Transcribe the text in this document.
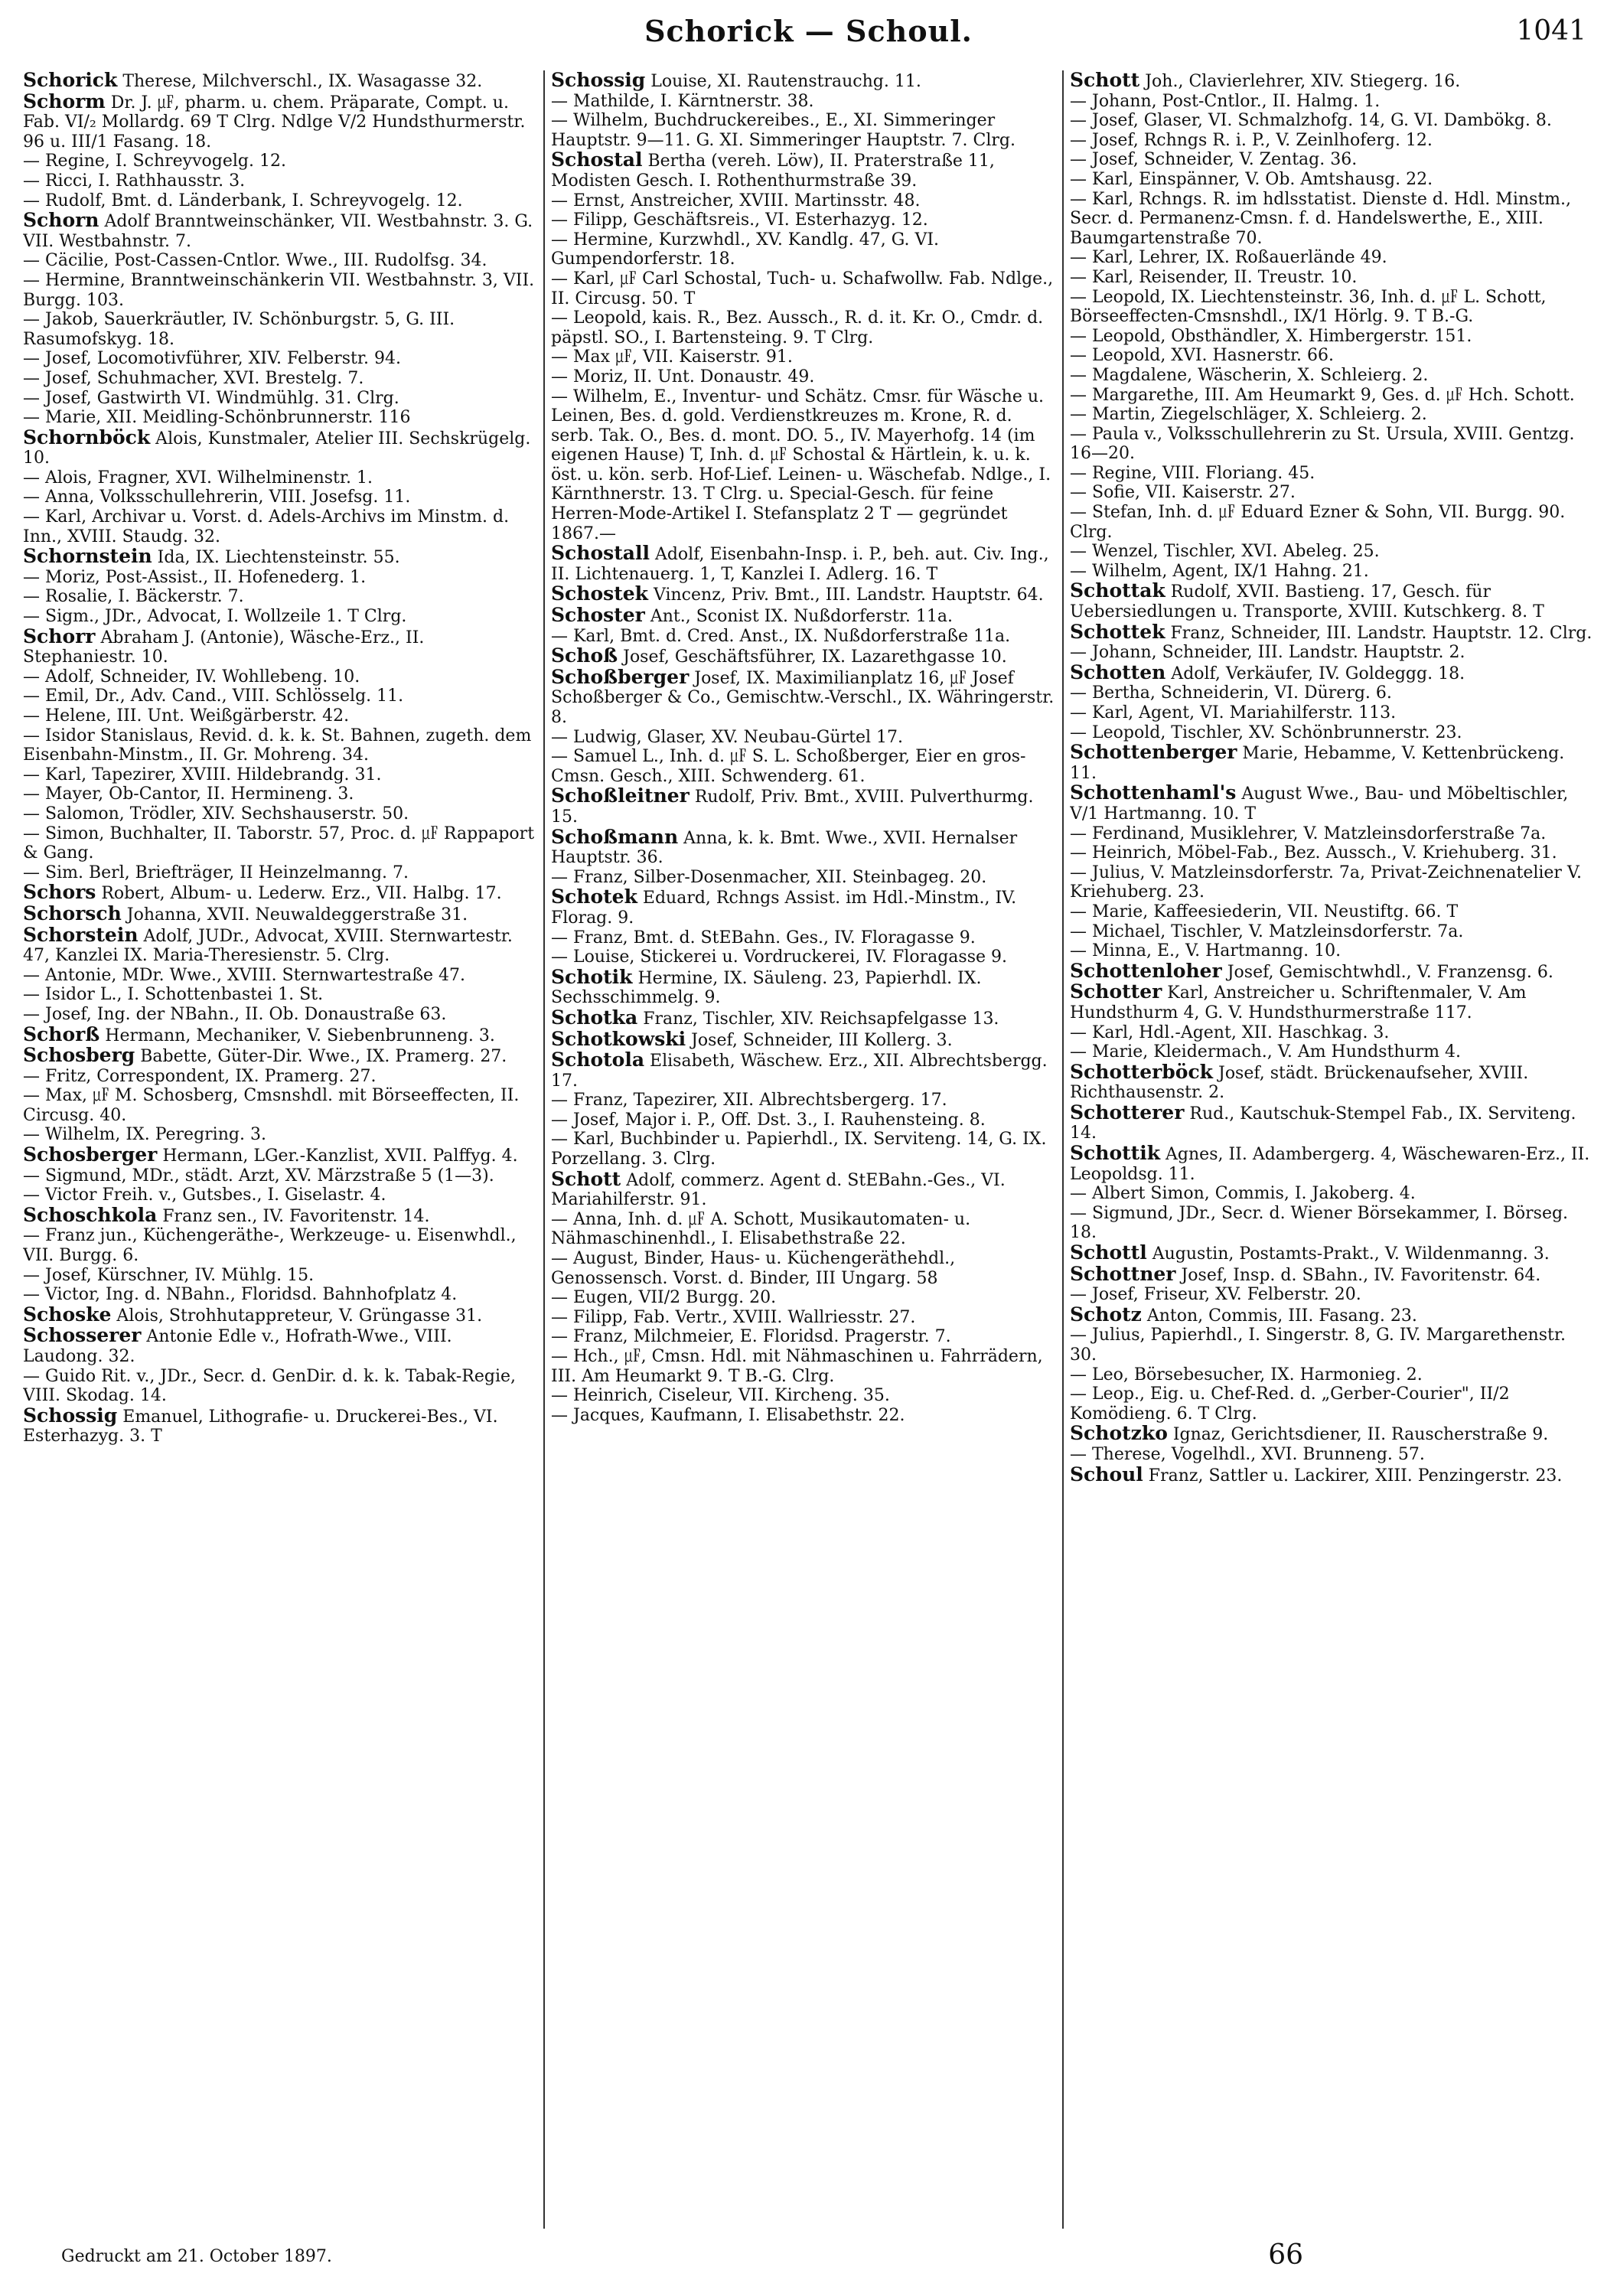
Schorick — Schoul.	1041
Schorick Therese, Milchverschl., IX. Wasagasse 32.
Schorm Dr. J. ㎌, pharm. u. chem. Präparate, Compt. u. Fab. VI/₂ Mollardg. 69 T Clrg. Ndlge V/2 Hundsthurmerstr. 96 u. III/1 Fasang. 18.
— Regine, I. Schreyvogelg. 12.
— Ricci, I. Rathhausstr. 3.
— Rudolf, Bmt. d. Länderbank, I. Schreyvogelg. 12.
Schorn Adolf Branntweinschänker, VII. Westbahnstr. 3. G. VII. Westbahnstr. 7.
— Cäcilie, Post-Cassen-Cntlor. Wwe., III. Rudolfsg. 34.
— Hermine, Branntweinschänkerin VII. Westbahnstr. 3, VII. Burgg. 103.
— Jakob, Sauerkräutler, IV. Schönburgstr. 5, G. III. Rasumofskyg. 18.
— Josef, Locomotivführer, XIV. Felberstr. 94.
— Josef, Schuhmacher, XVI. Brestelg. 7.
— Josef, Gastwirth VI. Windmühlg. 31. Clrg.
— Marie, XII. Meidling-Schönbrunnerstr. 116
Schornböck Alois, Kunstmaler, Atelier III. Sechskrügelg. 10.
— Alois, Fragner, XVI. Wilhelminenstr. 1.
— Anna, Volksschullehrerin, VIII. Josefsg. 11.
— Karl, Archivar u. Vorst. d. Adels-Archivs im Minstm. d. Inn., XVIII. Staudg. 32.
Schornstein Ida, IX. Liechtensteinstr. 55.
— Moriz, Post-Assist., II. Hofenederg. 1.
— Rosalie, I. Bäckerstr. 7.
— Sigm., JDr., Advocat, I. Wollzeile 1. T Clrg.
Schorr Abraham J. (Antonie), Wäsche-Erz., II. Stephaniestr. 10.
— Adolf, Schneider, IV. Wohllebeng. 10.
— Emil, Dr., Adv. Cand., VIII. Schlösselg. 11.
— Helene, III. Unt. Weißgärberstr. 42.
— Isidor Stanislaus, Revid. d. k. k. St. Bahnen, zugeth. dem Eisenbahn-Minstm., II. Gr. Mohreng. 34.
— Karl, Tapezirer, XVIII. Hildebrandg. 31.
— Mayer, Ob-Cantor, II. Hermineng. 3.
— Salomon, Trödler, XIV. Sechshauserstr. 50.
— Simon, Buchhalter, II. Taborstr. 57, Proc. d. ㎌ Rappaport & Gang.
— Sim. Berl, Briefträger, II Heinzelmanng. 7.
Schors Robert, Album- u. Lederw. Erz., VII. Halbg. 17.
Schorsch Johanna, XVII. Neuwaldeggerstraße 31.
Schorstein Adolf, JUDr., Advocat, XVIII. Sternwartestr. 47, Kanzlei IX. Maria-Theresienstr. 5. Clrg.
— Antonie, MDr. Wwe., XVIII. Sternwartestraße 47.
— Isidor L., I. Schottenbastei 1. St.
— Josef, Ing. der NBahn., II. Ob. Donaustraße 63.
Schorß Hermann, Mechaniker, V. Siebenbrunneng. 3.
Schosberg Babette, Güter-Dir. Wwe., IX. Pramerg. 27.
— Fritz, Correspondent, IX. Pramerg. 27.
— Max, ㎌ M. Schosberg, Cmsnshdl. mit Börseeffecten, II. Circusg. 40.
— Wilhelm, IX. Peregring. 3.
Schosberger Hermann, LGer.-Kanzlist, XVII. Palffyg. 4.
— Sigmund, MDr., städt. Arzt, XV. Märzstraße 5 (1—3).
— Victor Freih. v., Gutsbes., I. Giselastr. 4.
Schoschkola Franz sen., IV. Favoritenstr. 14.
— Franz jun., Küchengeräthe-, Werkzeuge- u. Eisenwhdl., VII. Burgg. 6.
— Josef, Kürschner, IV. Mühlg. 15.
— Victor, Ing. d. NBahn., Floridsd. Bahnhofplatz 4.
Schoske Alois, Strohhutappreteur, V. Grüngasse 31.
Schosserer Antonie Edle v., Hofrath-Wwe., VIII. Laudong. 32.
— Guido Rit. v., JDr., Secr. d. GenDir. d. k. k. Tabak-Regie, VIII. Skodag. 14.
Schossig Emanuel, Lithografie- u. Druckerei-Bes., VI. Esterhazyg. 3. T
Schossig Louise, XI. Rautenstrauchg. 11.
— Mathilde, I. Kärntnerstr. 38.
— Wilhelm, Buchdruckereibes., E., XI. Simmeringer Hauptstr. 9—11. G. XI. Simmeringer Hauptstr. 7. Clrg.
Schostal Bertha (vereh. Löw), II. Praterstraße 11, Modisten Gesch. I. Rothenthurmstraße 39.
— Ernst, Anstreicher, XVIII. Martinsstr. 48.
— Filipp, Geschäftsreis., VI. Esterhazyg. 12.
— Hermine, Kurzwhdl., XV. Kandlg. 47, G. VI. Gumpendorferstr. 18.
— Karl, ㎌ Carl Schostal, Tuch- u. Schafwollw. Fab. Ndlge., II. Circusg. 50. T
— Leopold, kais. R., Bez. Aussch., R. d. it. Kr. O., Cmdr. d. päpstl. SO., I. Bartensteing. 9. T Clrg.
— Max ㎌, VII. Kaiserstr. 91.
— Moriz, II. Unt. Donaustr. 49.
— Wilhelm, E., Inventur- und Schätz. Cmsr. für Wäsche u. Leinen, Bes. d. gold. Verdienstkreuzes m. Krone, R. d. serb. Tak. O., Bes. d. mont. DO. 5., IV. Mayerhofg. 14 (im eigenen Hause) T, Inh. d. ㎌ Schostal & Härtlein, k. u. k. öst. u. kön. serb. Hof-Lief. Leinen- u. Wäschefab. Ndlge., I. Kärnthnerstr. 13. T Clrg. u. Special-Gesch. für feine Herren-Mode-Artikel I. Stefansplatz 2 T — gegründet 1867.—
Schostall Adolf, Eisenbahn-Insp. i. P., beh. aut. Civ. Ing., II. Lichtenauerg. 1, T, Kanzlei I. Adlerg. 16. T
Schostek Vincenz, Priv. Bmt., III. Landstr. Hauptstr. 64.
Schoster Ant., Sconist IX. Nußdorferstr. 11a.
— Karl, Bmt. d. Cred. Anst., IX. Nußdorferstraße 11a.
Schoß Josef, Geschäftsführer, IX. Lazarethgasse 10.
Schoßberger Josef, IX. Maximilianplatz 16, ㎌ Josef Schoßberger & Co., Gemischtw.-Verschl., IX. Währingerstr. 8.
— Ludwig, Glaser, XV. Neubau-Gürtel 17.
— Samuel L., Inh. d. ㎌ S. L. Schoßberger, Eier en gros-Cmsn. Gesch., XIII. Schwenderg. 61.
Schoßleitner Rudolf, Priv. Bmt., XVIII. Pulverthurmg. 15.
Schoßmann Anna, k. k. Bmt. Wwe., XVII. Hernalser Hauptstr. 36.
— Franz, Silber-Dosenmacher, XII. Steinbageg. 20.
Schotek Eduard, Rchngs Assist. im Hdl.-Minstm., IV. Florag. 9.
— Franz, Bmt. d. StEBahn. Ges., IV. Floragasse 9.
— Louise, Stickerei u. Vordruckerei, IV. Floragasse 9.
Schotik Hermine, IX. Säuleng. 23, Papierhdl. IX. Sechsschimmelg. 9.
Schotka Franz, Tischler, XIV. Reichsapfelgasse 13.
Schotkowski Josef, Schneider, III Kollerg. 3.
Schotola Elisabeth, Wäschew. Erz., XII. Albrechtsbergg. 17.
— Franz, Tapezirer, XII. Albrechtsbergerg. 17.
— Josef, Major i. P., Off. Dst. 3., I. Rauhensteing. 8.
— Karl, Buchbinder u. Papierhdl., IX. Serviteng. 14, G. IX. Porzellang. 3. Clrg.
Schott Adolf, commerz. Agent d. StEBahn.-Ges., VI. Mariahilferstr. 91.
— Anna, Inh. d. ㎌ A. Schott, Musikautomaten- u. Nähmaschinenhdl., I. Elisabethstraße 22.
— August, Binder, Haus- u. Küchengeräthehdl., Genossensch. Vorst. d. Binder, III Ungarg. 58
— Eugen, VII/2 Burgg. 20.
— Filipp, Fab. Vertr., XVIII. Wallriesstr. 27.
— Franz, Milchmeier, E. Floridsd. Pragerstr. 7.
— Hch., ㎌, Cmsn. Hdl. mit Nähmaschinen u. Fahrrädern, III. Am Heumarkt 9. T B.-G. Clrg.
— Heinrich, Ciseleur, VII. Kircheng. 35.
— Jacques, Kaufmann, I. Elisabethstr. 22.
Schott Joh., Clavierlehrer, XIV. Stiegerg. 16.
— Johann, Post-Cntlor., II. Halmg. 1.
— Josef, Glaser, VI. Schmalzhofg. 14, G. VI. Dambökg. 8.
— Josef, Rchngs R. i. P., V. Zeinlhoferg. 12.
— Josef, Schneider, V. Zentag. 36.
— Karl, Einspänner, V. Ob. Amtshausg. 22.
— Karl, Rchngs. R. im hdlsstatist. Dienste d. Hdl. Minstm., Secr. d. Permanenz-Cmsn. f. d. Handelswerthe, E., XIII. Baumgartenstraße 70.
— Karl, Lehrer, IX. Roßauerlände 49.
— Karl, Reisender, II. Treustr. 10.
— Leopold, IX. Liechtensteinstr. 36, Inh. d. ㎌ L. Schott, Börseeffecten-Cmsnshdl., IX/1 Hörlg. 9. T B.-G.
— Leopold, Obsthändler, X. Himbergerstr. 151.
— Leopold, XVI. Hasnerstr. 66.
— Magdalene, Wäscherin, X. Schleierg. 2.
— Margarethe, III. Am Heumarkt 9, Ges. d. ㎌ Hch. Schott.
— Martin, Ziegelschläger, X. Schleierg. 2.
— Paula v., Volksschullehrerin zu St. Ursula, XVIII. Gentzg. 16—20.
— Regine, VIII. Floriang. 45.
— Sofie, VII. Kaiserstr. 27.
— Stefan, Inh. d. ㎌ Eduard Ezner & Sohn, VII. Burgg. 90. Clrg.
— Wenzel, Tischler, XVI. Abeleg. 25.
— Wilhelm, Agent, IX/1 Hahng. 21.
Schottak Rudolf, XVII. Bastieng. 17, Gesch. für Uebersiedlungen u. Transporte, XVIII. Kutschkerg. 8. T
Schottek Franz, Schneider, III. Landstr. Hauptstr. 12. Clrg.
— Johann, Schneider, III. Landstr. Hauptstr. 2.
Schotten Adolf, Verkäufer, IV. Goldeggg. 18.
— Bertha, Schneiderin, VI. Dürerg. 6.
— Karl, Agent, VI. Mariahilferstr. 113.
— Leopold, Tischler, XV. Schönbrunnerstr. 23.
Schottenberger Marie, Hebamme, V. Kettenbrückeng. 11.
Schottenhaml's August Wwe., Bau- und Möbeltischler, V/1 Hartmanng. 10. T
— Ferdinand, Musiklehrer, V. Matzleinsdorferstraße 7a.
— Heinrich, Möbel-Fab., Bez. Aussch., V. Kriehuberg. 31.
— Julius, V. Matzleinsdorferstr. 7a, Privat-Zeichnenatelier V. Kriehuberg. 23.
— Marie, Kaffeesiederin, VII. Neustiftg. 66. T
— Michael, Tischler, V. Matzleinsdorferstr. 7a.
— Minna, E., V. Hartmanng. 10.
Schottenloher Josef, Gemischtwhdl., V. Franzensg. 6.
Schotter Karl, Anstreicher u. Schriftenmaler, V. Am Hundsthurm 4, G. V. Hundsthurmerstraße 117.
— Karl, Hdl.-Agent, XII. Haschkag. 3.
— Marie, Kleidermach., V. Am Hundsthurm 4.
Schotterböck Josef, städt. Brückenaufseher, XVIII. Richthausenstr. 2.
Schotterer Rud., Kautschuk-Stempel Fab., IX. Serviteng. 14.
Schottik Agnes, II. Adambergerg. 4, Wäschewaren-Erz., II. Leopoldsg. 11.
— Albert Simon, Commis, I. Jakoberg. 4.
— Sigmund, JDr., Secr. d. Wiener Börsekammer, I. Börseg. 18.
Schottl Augustin, Postamts-Prakt., V. Wildenmanng. 3.
Schottner Josef, Insp. d. SBahn., IV. Favoritenstr. 64.
— Josef, Friseur, XV. Felberstr. 20.
Schotz Anton, Commis, III. Fasang. 23.
— Julius, Papierhdl., I. Singerstr. 8, G. IV. Margarethenstr. 30.
— Leo, Börsebesucher, IX. Harmonieg. 2.
— Leop., Eig. u. Chef-Red. d. „Gerber-Courier", II/2 Komödieng. 6. T Clrg.
Schotzko Ignaz, Gerichtsdiener, II. Rauscherstraße 9.
— Therese, Vogelhdl., XVI. Brunneng. 57.
Schoul Franz, Sattler u. Lackirer, XIII. Penzingerstr. 23.
Gedruckt am 21. October 1897.	66
